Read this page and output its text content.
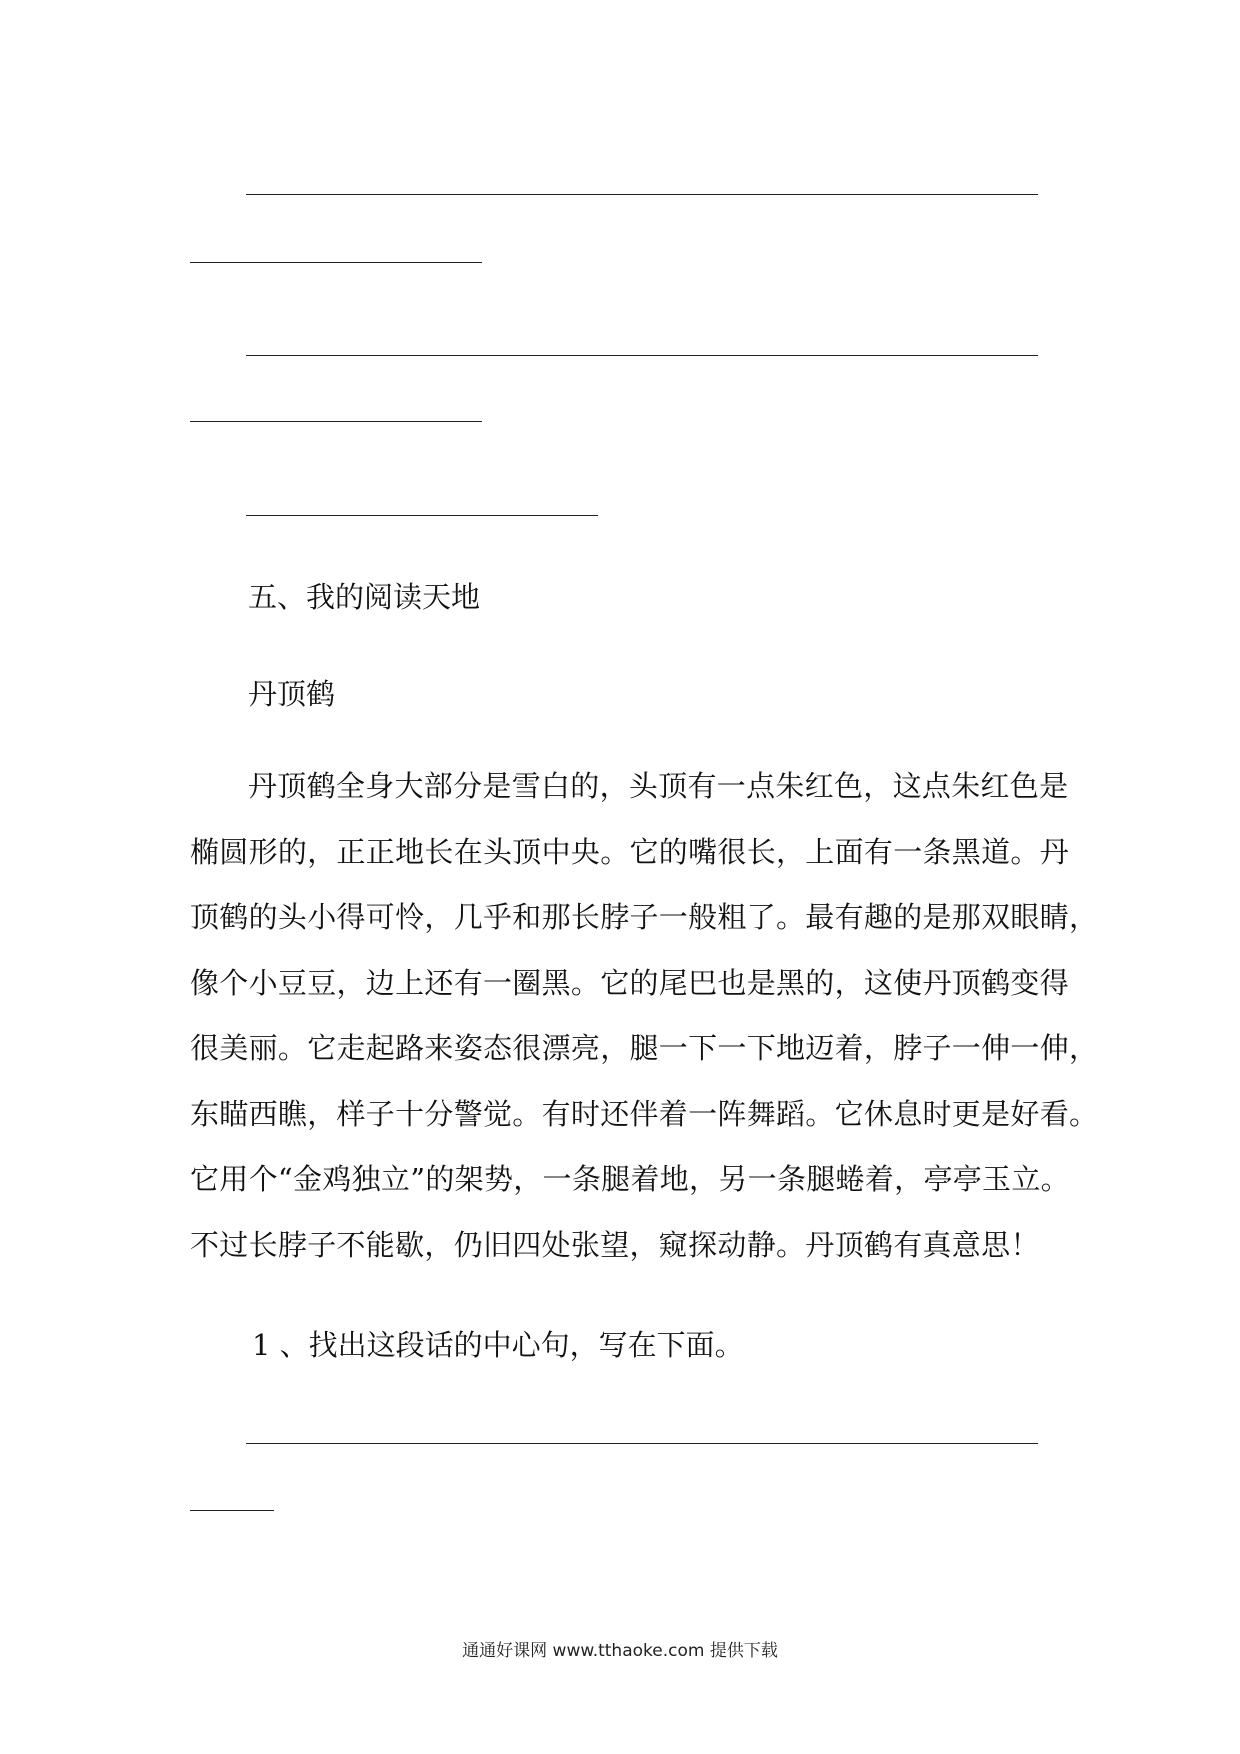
五、我的阅读天地
丹顶鹤
丹顶鹤全身大部分是雪白的，头顶有一点朱红色，这点朱红色是
椭圆形的，正正地长在头顶中央。它的嘴很长，上面有一条黑道。丹
顶鹤的头小得可怜，几乎和那长脖子一般粗了。最有趣的是那双眼睛，
像个小豆豆，边上还有一圈黑。它的尾巴也是黑的，这使丹顶鹤变得
很美丽。它走起路来姿态很漂亮，腿一下一下地迈着，脖子一伸一伸，
东瞄西瞧，样子十分警觉。有时还伴着一阵舞蹈。它休息时更是好看。
它用个“金鸡独立”的架势，一条腿着地，另一条腿蜷着，亭亭玉立。
不过长脖子不能歇，仍旧四处张望，窥探动静。丹顶鹤有真意思！
1 、找出这段话的中心句，写在下面。
通通好课网 www.tthaoke.com 提供下载
